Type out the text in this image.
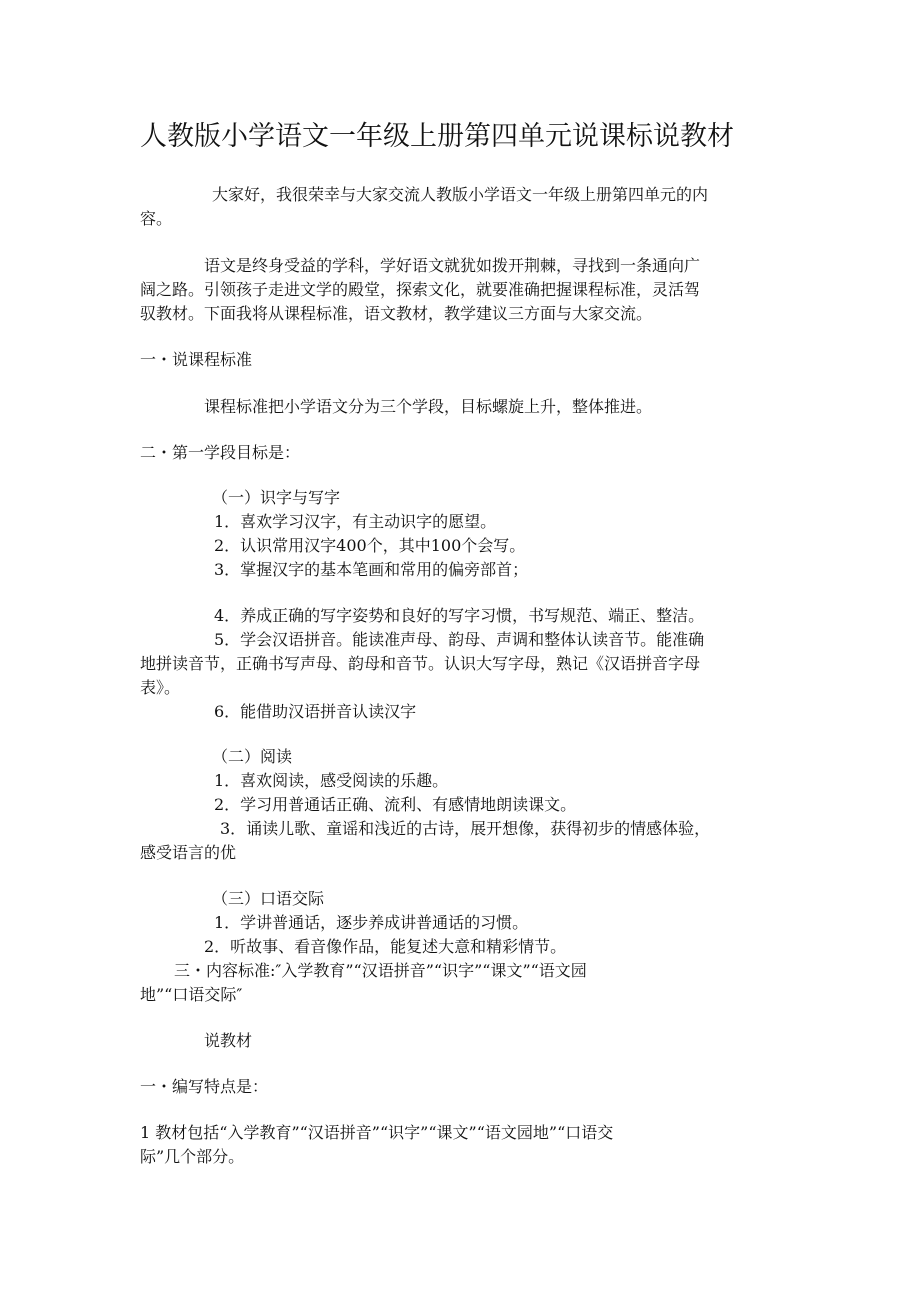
人教版小学语文一年级上册第四单元说课标说教材
大家好，我很荣幸与大家交流人教版小学语文一年级上册第四单元的内
容。
语文是终身受益的学科，学好语文就犹如拨开荆棘，寻找到一条通向广
阔之路。引领孩子走进文学的殿堂，探索文化，就要准确把握课程标准，灵活驾
驭教材。下面我将从课程标准，语文教材，教学建议三方面与大家交流。
一・说课程标准
课程标准把小学语文分为三个学段，目标螺旋上升，整体推进。
二・第一学段目标是：
（一）识字与写字
1．喜欢学习汉字，有主动识字的愿望。
2．认识常用汉字400个，其中100个会写。
3．掌握汉字的基本笔画和常用的偏旁部首；
4．养成正确的写字姿势和良好的写字习惯，书写规范、端正、整洁。
5．学会汉语拼音。能读准声母、韵母、声调和整体认读音节。能准确
地拼读音节，正确书写声母、韵母和音节。认识大写字母，熟记《汉语拼音字母
表》。
6．能借助汉语拼音认读汉字
（二）阅读
1．喜欢阅读，感受阅读的乐趣。
2．学习用普通话正确、流利、有感情地朗读课文。
3．诵读儿歌、童谣和浅近的古诗，展开想像，获得初步的情感体验，
感受语言的优
（三）口语交际
1．学讲普通话，逐步养成讲普通话的习惯。
2．听故事、看音像作品，能复述大意和精彩情节。
三・内容标准:″入学教育”“汉语拼音”“识字”“课文”“语文园
地”“口语交际″
说教材
一・编写特点是：
1 教材包括“入学教育”“汉语拼音”“识字”“课文”“语文园地”“口语交
际”几个部分。
